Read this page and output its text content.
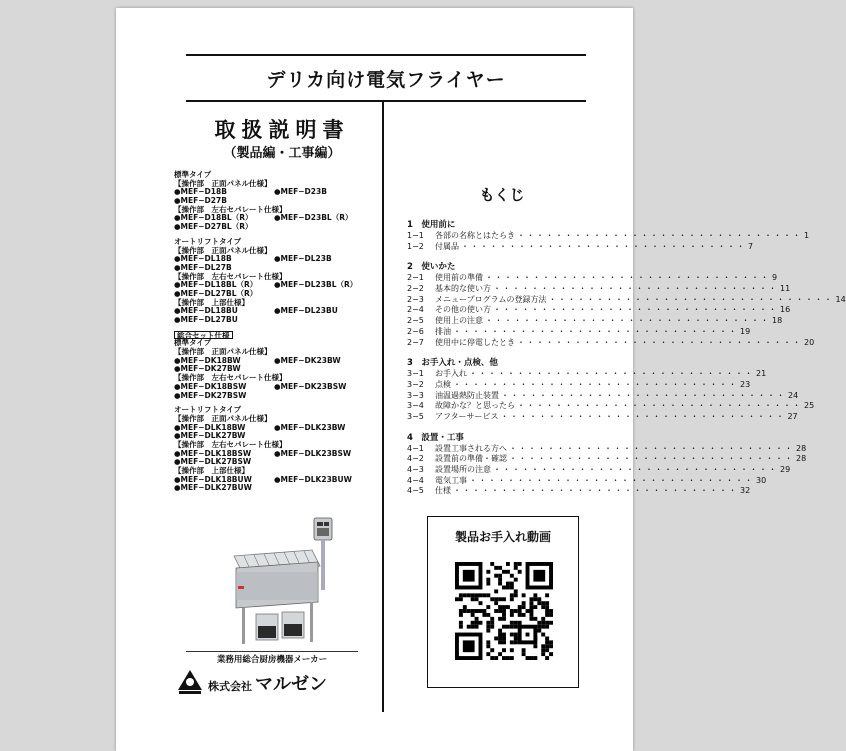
デリカ向け電気フライヤー
取扱説明書
（製品編・工事編）
標準タイプ
【操作部　正面パネル仕様】
●MEF−D18B	●MEF−D23B
●MEF−D27B
【操作部　左右セパレート仕様】
●MEF−D18BL（R）	●MEF−D23BL（R）
●MEF−D27BL（R）
オートリフトタイプ
【操作部　正面パネル仕様】
●MEF−DL18B	●MEF−DL23B
●MEF−DL27B
【操作部　左右セパレート仕様】
●MEF−DL18BL（R）	●MEF−DL23BL（R）
●MEF−DL27BL（R）
【操作部　上部仕様】
●MEF−DL18BU	●MEF−DL23BU
●MEF−DL27BU
総合セット仕様
標準タイプ
【操作部　正面パネル仕様】
●MEF−DK18BW	●MEF−DK23BW
●MEF−DK27BW
【操作部　左右セパレート仕様】
●MEF−DK18BSW	●MEF−DK23BSW
●MEF−DK27BSW
オートリフトタイプ
【操作部　正面パネル仕様】
●MEF−DLK18BW	●MEF−DLK23BW
●MEF−DLK27BW
【操作部　左右セパレート仕様】
●MEF−DLK18BSW	●MEF−DLK23BSW
●MEF−DLK27BSW
【操作部　上部仕様】
●MEF−DLK18BUW	●MEF−DLK23BUW
●MEF−DLK27BUW
業務用総合厨房機器メーカー
株式会社 マルゼン
もくじ
1　使用前に
1−1	各部の名称とはたらき ・・・・・・・・・・・・・・・・・・・・・・・・・・・・・・ 1
1−2	付属品 ・・・・・・・・・・・・・・・・・・・・・・・・・・・・・・ 7
2　使いかた
2−1	使用前の準備 ・・・・・・・・・・・・・・・・・・・・・・・・・・・・・・ 9
2−2	基本的な使い方 ・・・・・・・・・・・・・・・・・・・・・・・・・・・・・・ 11
2−3	メニュープログラムの登録方法 ・・・・・・・・・・・・・・・・・・・・・・・・・・・・・・ 14
2−4	その他の使い方 ・・・・・・・・・・・・・・・・・・・・・・・・・・・・・・ 16
2−5	使用上の注意 ・・・・・・・・・・・・・・・・・・・・・・・・・・・・・・ 18
2−6	排油 ・・・・・・・・・・・・・・・・・・・・・・・・・・・・・・ 19
2−7	使用中に停電したとき ・・・・・・・・・・・・・・・・・・・・・・・・・・・・・・ 20
3　お手入れ・点検、他
3−1	お手入れ ・・・・・・・・・・・・・・・・・・・・・・・・・・・・・・ 21
3−2	点検 ・・・・・・・・・・・・・・・・・・・・・・・・・・・・・・ 23
3−3	油温過熱防止装置 ・・・・・・・・・・・・・・・・・・・・・・・・・・・・・・ 24
3−4	故障かな？と思ったら ・・・・・・・・・・・・・・・・・・・・・・・・・・・・・・ 25
3−5	アフターサービス ・・・・・・・・・・・・・・・・・・・・・・・・・・・・・・ 27
4　設置・工事
4−1	設置工事される方へ ・・・・・・・・・・・・・・・・・・・・・・・・・・・・・・ 28
4−2	設置前の準備・確認 ・・・・・・・・・・・・・・・・・・・・・・・・・・・・・・ 28
4−3	設置場所の注意 ・・・・・・・・・・・・・・・・・・・・・・・・・・・・・・ 29
4−4	電気工事 ・・・・・・・・・・・・・・・・・・・・・・・・・・・・・・ 30
4−5	仕様 ・・・・・・・・・・・・・・・・・・・・・・・・・・・・・・ 32
製品お手入れ動画
